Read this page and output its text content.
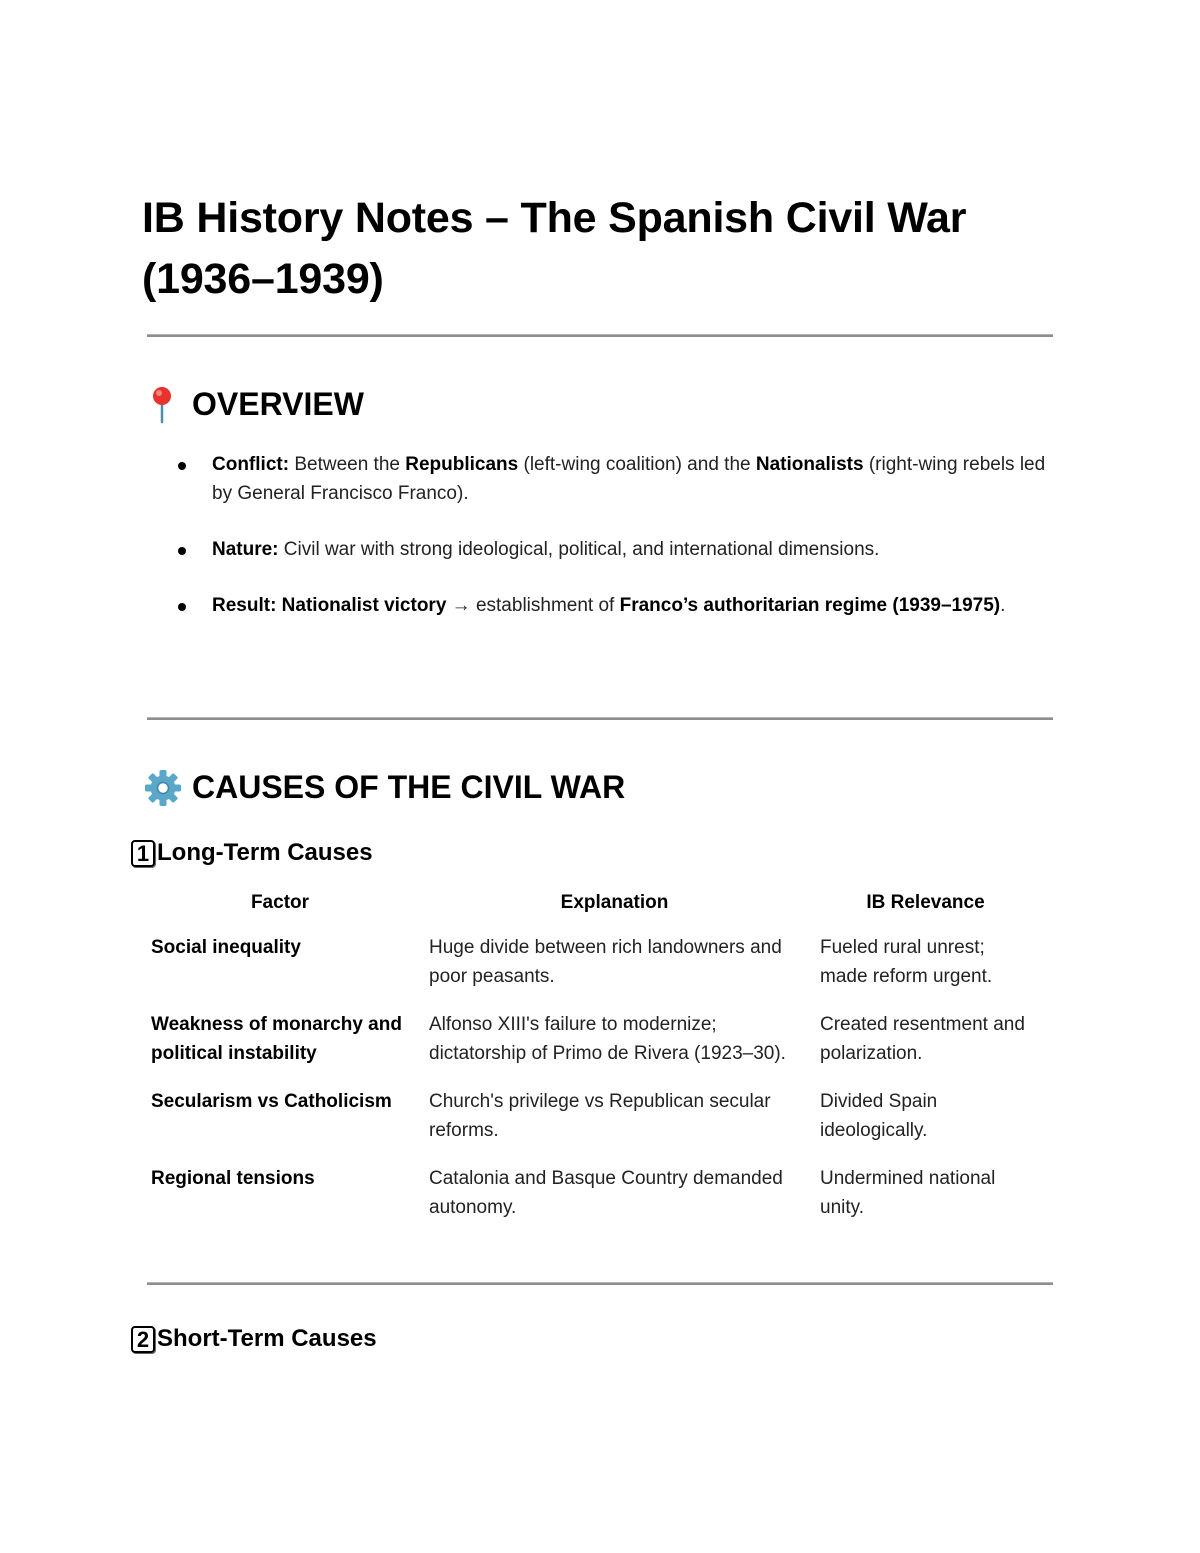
IB History Notes – The Spanish Civil War (1936–1939)
OVERVIEW
Conflict: Between the Republicans (left-wing coalition) and the Nationalists (right-wing rebels led by General Francisco Franco).
Nature: Civil war with strong ideological, political, and international dimensions.
Result: Nationalist victory → establishment of Franco’s authoritarian regime (1939–1975).
CAUSES OF THE CIVIL WAR
1 Long-Term Causes
Factor	Explanation	IB Relevance
Social inequality	Huge divide between rich landowners and poor peasants.	Fueled rural unrest; made reform urgent.
Weakness of monarchy and political instability	Alfonso XIII's failure to modernize; dictatorship of Primo de Rivera (1923–30).	Created resentment and polarization.
Secularism vs Catholicism	Church's privilege vs Republican secular reforms.	Divided Spain ideologically.
Regional tensions	Catalonia and Basque Country demanded autonomy.	Undermined national unity.
2 Short-Term Causes
